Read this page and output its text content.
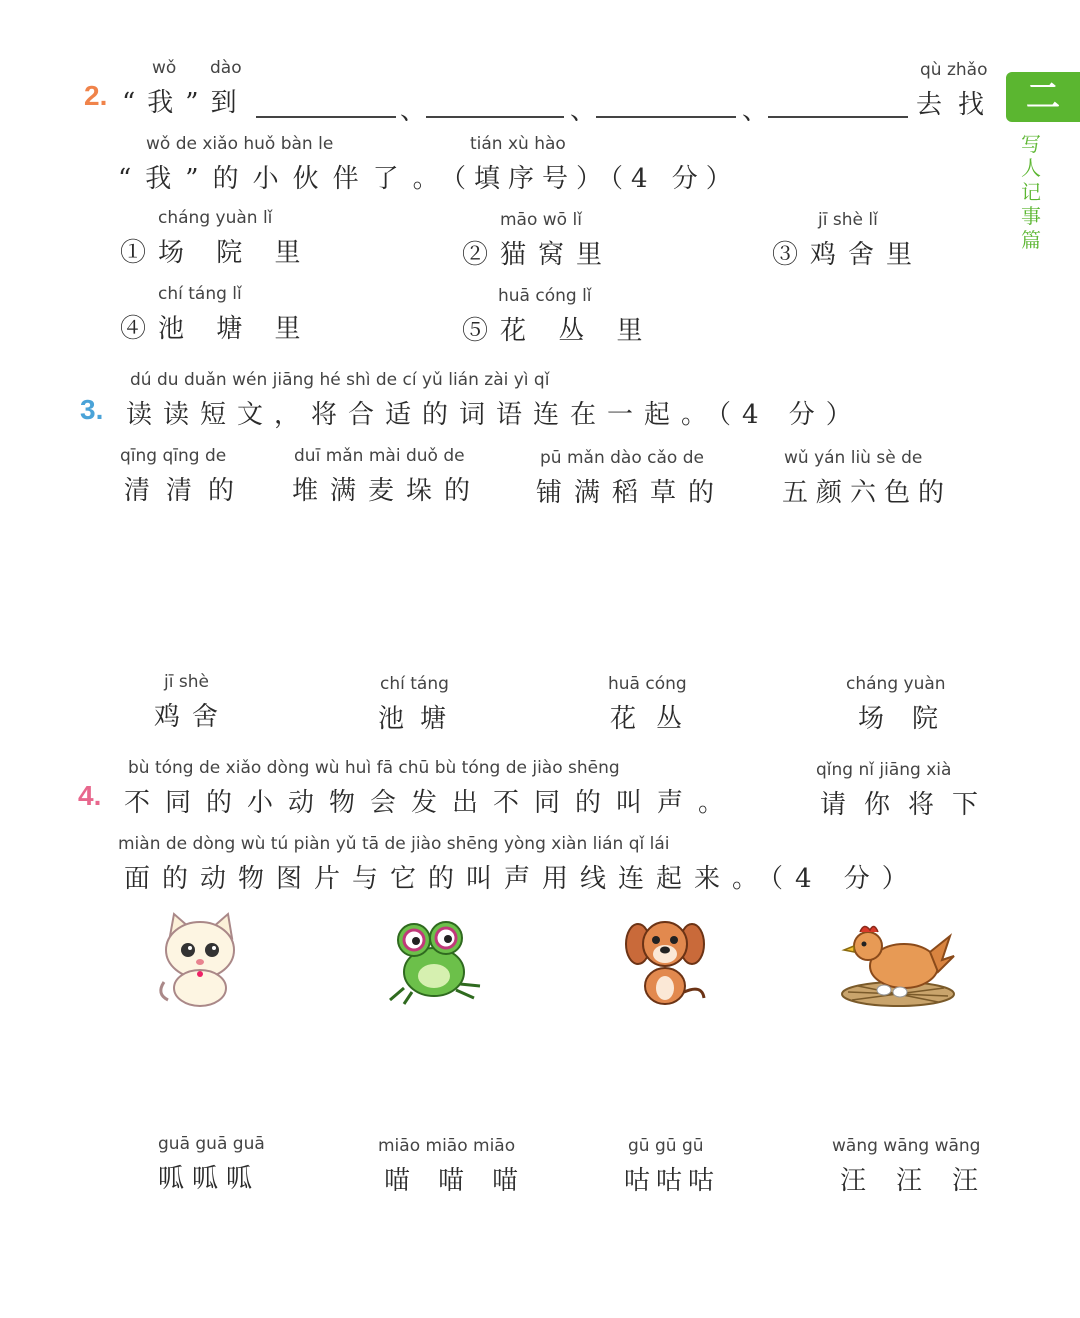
二
写人记事篇
2.
wǒ dào
“我”到	、	、	、
qù zhǎo
去找
wǒ de xiǎo huǒ bàn le	tián xù hào
“我”的小伙伴了。
（填序号）（4 分）
cháng yuàn lǐ
①场 院 里
māo wō lǐ
②猫窝里
jī shè lǐ
③鸡舍里
chí táng lǐ
④池 塘 里
huā cóng lǐ
⑤花 丛 里
3.
dú du duǎn wén jiāng hé shì de cí yǔ lián zài yì qǐ
读读短文，将合适的词语连在一起。（4 分）
qīng qīng de
清清的
duī mǎn mài duǒ de
堆满麦垛的
pū mǎn dào cǎo de
铺满稻草的
wǔ yán liù sè de
五颜六色的
jī shè
鸡舍
chí táng
池塘
huā cóng
花丛
cháng yuàn
场院
4.
bù tóng de xiǎo dòng wù huì fā chū bù tóng de jiào shēng
不同的小动物会发出不同的叫声。
qǐng nǐ jiāng xià
请你将下
miàn de dòng wù tú piàn yǔ tā de jiào shēng yòng xiàn lián qǐ lái
面的动物图片与它的叫声用线连起来。（4 分）
guā guā guā
呱呱呱
miāo miāo miāo
喵喵喵
gū gū gū
咕咕咕
wāng wāng wāng
汪汪汪
